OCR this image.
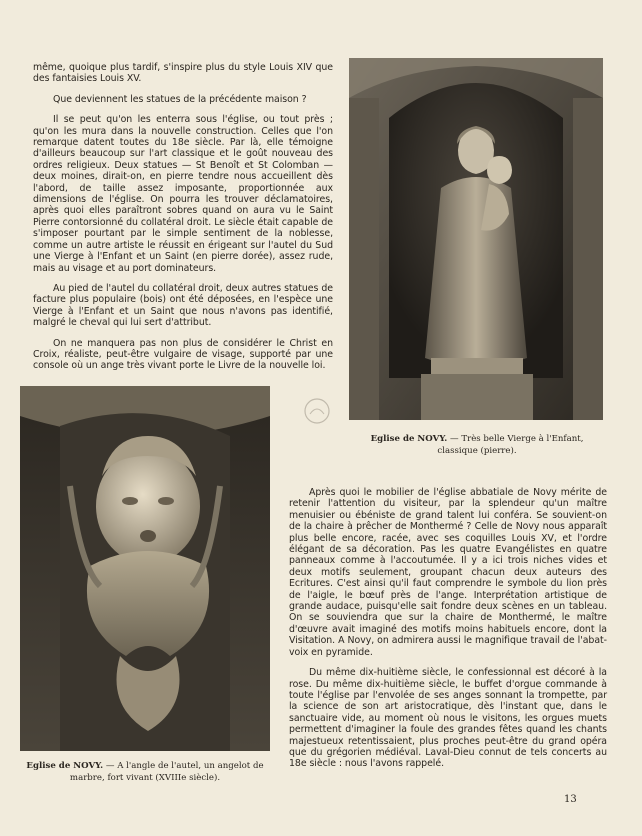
même, quoique plus tardif, s'inspire plus du style Louis XIV que des fantaisies Louis XV.

Que deviennent les statues de la précédente maison ?

Il se peut qu'on les enterra sous l'église, ou tout près ; qu'on les mura dans la nouvelle construction. Celles que l'on remarque datent toutes du 18e siècle. Par là, elle témoigne d'ailleurs beaucoup sur l'art classique et le goût nouveau des ordres religieux. Deux statues — St Benoît et St Colomban — deux moines, dirait-on, en pierre tendre nous accueillent dès l'abord, de taille assez imposante, proportionnée aux dimensions de l'église. On pourra les trouver déclamatoires, après quoi elles paraîtront sobres quand on aura vu le Saint Pierre contorsionné du collatéral droit. Le siècle était capable de s'imposer pourtant par le simple sentiment de la noblesse, comme un autre artiste le réussit en érigeant sur l'autel du Sud une Vierge à l'Enfant et un Saint (en pierre dorée), assez rude, mais au visage et au port dominateurs.

Au pied de l'autel du collatéral droit, deux autres statues de facture plus populaire (bois) ont été déposées, en l'espèce une Vierge à l'Enfant et un Saint que nous n'avons pas identifié, malgré le cheval qui lui sert d'attribut.

On ne manquera pas non plus de considérer le Christ en Croix, réaliste, peut-être vulgaire de visage, supporté par une console où un ange très vivant porte le Livre de la nouvelle loi.

Eglise de NOVY. — Très belle Vierge à l'Enfant, classique (pierre).
Eglise de NOVY. — A l'angle de l'autel, un angelot de marbre, fort vivant (XVIIIe siècle).

Après quoi le mobilier de l'église abbatiale de Novy mérite de retenir l'attention du visiteur, par la splendeur qu'un maître menuisier ou ébéniste de grand talent lui conféra. Se souvient-on de la chaire à prêcher de Monthermé ? Celle de Novy nous apparaît plus belle encore, racée, avec ses coquilles Louis XV, et l'ordre élégant de sa décoration. Pas les quatre Evangélistes en quatre panneaux comme à l'accoutumée. Il y a ici trois niches vides et deux motifs seulement, groupant chacun deux auteurs des Ecritures. C'est ainsi qu'il faut comprendre le symbole du lion près de l'aigle, le bœuf près de l'ange. Interprétation artistique de grande audace, puisqu'elle sait fondre deux scènes en un tableau. On se souviendra que sur la chaire de Monthermé, le maître d'œuvre avait imaginé des motifs moins habituels encore, dont la Visitation. A Novy, on admirera aussi le magnifique travail de l'abat-voix en pyramide.

Du même dix-huitième siècle, le confessionnal est décoré à la rose. Du même dix-huitième siècle, le buffet d'orgue commande à toute l'église par l'envolée de ses anges sonnant la trompette, par la science de son art aristocratique, dès l'instant que, dans le sanctuaire vide, au moment où nous le visitons, les orgues muets permettent d'imaginer la foule des grandes fêtes quand les chants majestueux retentissaient, plus proches peut-être du grand opéra que du grégorien médiéval. Laval-Dieu connut de tels concerts au 18e siècle : nous l'avons rappelé.

13
